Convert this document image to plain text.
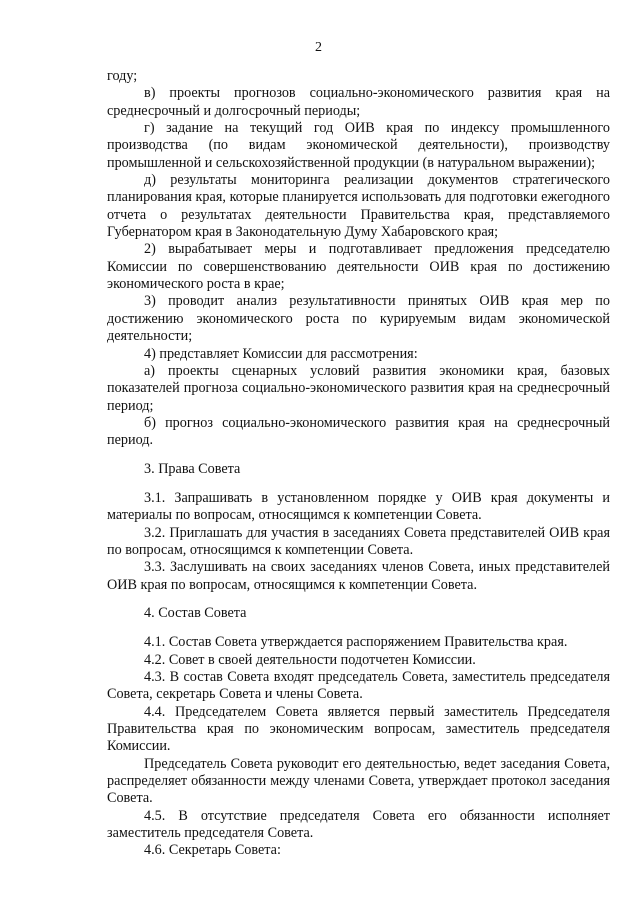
2

году;

в) проекты прогнозов социально-экономического развития края на среднесрочный и долгосрочный периоды;

г) задание на текущий год ОИВ края по индексу промышленного производства (по видам экономической деятельности), производству промышленной и сельскохозяйственной продукции (в натуральном выражении);

д) результаты мониторинга реализации документов стратегического планирования края, которые планируется использовать для подготовки ежегодного отчета о результатах деятельности Правительства края, представляемого Губернатором края в Законодательную Думу Хабаровского края;

2) вырабатывает меры и подготавливает предложения председателю Комиссии по совершенствованию деятельности ОИВ края по достижению экономического роста в крае;

3) проводит анализ результативности принятых ОИВ края мер по достижению экономического роста по курируемым видам экономической деятельности;

4) представляет Комиссии для рассмотрения:

а) проекты сценарных условий развития экономики края, базовых показателей прогноза социально-экономического развития края на среднесрочный период;

б) прогноз социально-экономического развития края на среднесрочный период.

3. Права Совета

3.1. Запрашивать в установленном порядке у ОИВ края документы и материалы по вопросам, относящимся к компетенции Совета.

3.2. Приглашать для участия в заседаниях Совета представителей ОИВ края по вопросам, относящимся к компетенции Совета.

3.3. Заслушивать на своих заседаниях членов Совета, иных представителей ОИВ края по вопросам, относящимся к компетенции Совета.

4. Состав Совета

4.1. Состав Совета утверждается распоряжением Правительства края.

4.2. Совет в своей деятельности подотчетен Комиссии.

4.3. В состав Совета входят председатель Совета, заместитель председателя Совета, секретарь Совета и члены Совета.

4.4. Председателем Совета является первый заместитель Председателя Правительства края по экономическим вопросам, заместитель председателя Комиссии.

Председатель Совета руководит его деятельностью, ведет заседания Совета, распределяет обязанности между членами Совета, утверждает протокол заседания Совета.

4.5. В отсутствие председателя Совета его обязанности исполняет заместитель председателя Совета.

4.6. Секретарь Совета:
